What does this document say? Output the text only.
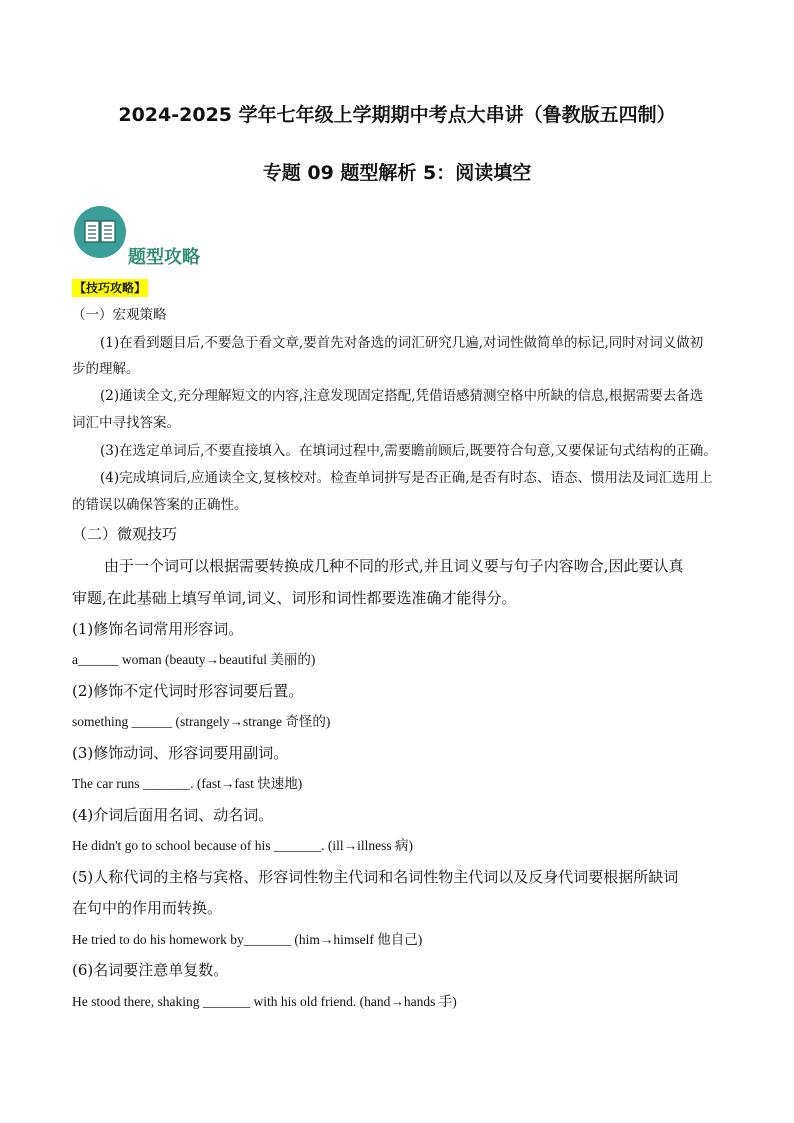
2024-2025 学年七年级上学期期中考点大串讲（鲁教版五四制）
专题 09 题型解析 5：阅读填空
题型攻略
【技巧攻略】
（一）宏观策略
(1)在看到题目后,不要急于看文章,要首先对备选的词汇研究几遍,对词性做简单的标记,同时对词义做初
步的理解。
(2)通读全文,充分理解短文的内容,注意发现固定搭配,凭借语感猜测空格中所缺的信息,根据需要去备选
词汇中寻找答案。
(3)在选定单词后,不要直接填入。在填词过程中,需要瞻前顾后,既要符合句意,又要保证句式结构的正确。
(4)完成填词后,应通读全文,复核校对。检查单词拼写是否正确,是否有时态、语态、惯用法及词汇选用上
的错误以确保答案的正确性。
（二）微观技巧
由于一个词可以根据需要转换成几种不同的形式,并且词义要与句子内容吻合,因此要认真
审题,在此基础上填写单词,词义、词形和词性都要选准确才能得分。
(1)修饰名词常用形容词。
a______ woman (beauty→beautiful 美丽的)
(2)修饰不定代词时形容词要后置。
something ______ (strangely→strange 奇怪的)
(3)修饰动词、形容词要用副词。
The car runs _______. (fast→fast 快速地)
(4)介词后面用名词、动名词。
He didn't go to school because of his _______. (ill→illness 病)
(5)人称代词的主格与宾格、形容词性物主代词和名词性物主代词以及反身代词要根据所缺词
在句中的作用而转换。
He tried to do his homework by_______ (him→himself 他自己)
(6)名词要注意单复数。
He stood there, shaking _______ with his old friend. (hand→hands 手)
